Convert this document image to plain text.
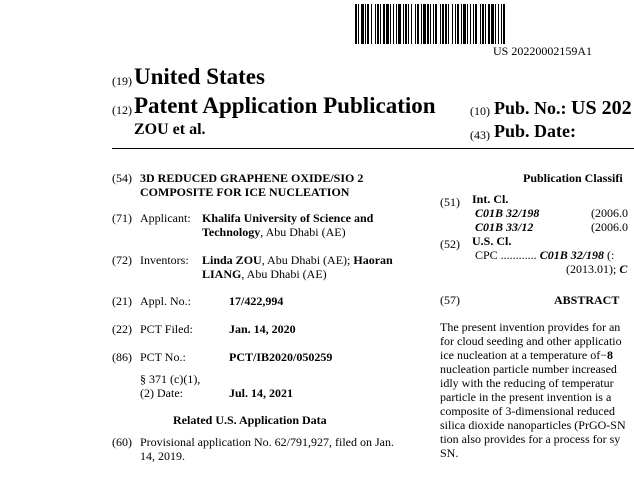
US 20220002159A1
(19) United States
(12) Patent Application Publication
ZOU et al.
(10) Pub. No.: US 202
(43) Pub. Date:
(54) 3D REDUCED GRAPHENE OXIDE/SIO 2
COMPOSITE FOR ICE NUCLEATION
(71) Applicant: Khalifa University of Science and
Technology, Abu Dhabi (AE)
(72) Inventors: Linda ZOU, Abu Dhabi (AE); Haoran
LIANG, Abu Dhabi (AE)
(21) Appl. No.:	17/422,994
(22) PCT Filed:	Jan. 14, 2020
(86) PCT No.:	PCT/IB2020/050259
§ 371 (c)(1),
(2) Date:	Jul. 14, 2021
Related U.S. Application Data
(60) Provisional application No. 62/791,927, filed on Jan.
14, 2019.
Publication Classifi
(51) Int. Cl.
C01B 32/198	(2006.0
C01B 33/12	(2006.0
(52) U.S. Cl.
CPC ............ C01B 32/198 (:
(2013.01); C
(57)	ABSTRACT
The present invention provides for an
for cloud seeding and other applicatio
ice nucleation at a temperature of−8
nucleation particle number increased
idly with the reducing of temperatur
particle in the present invention is a
composite of 3-dimensional reduced
silica dioxide nanoparticles (PrGO-SN
tion also provides for a process for sy
SN.
